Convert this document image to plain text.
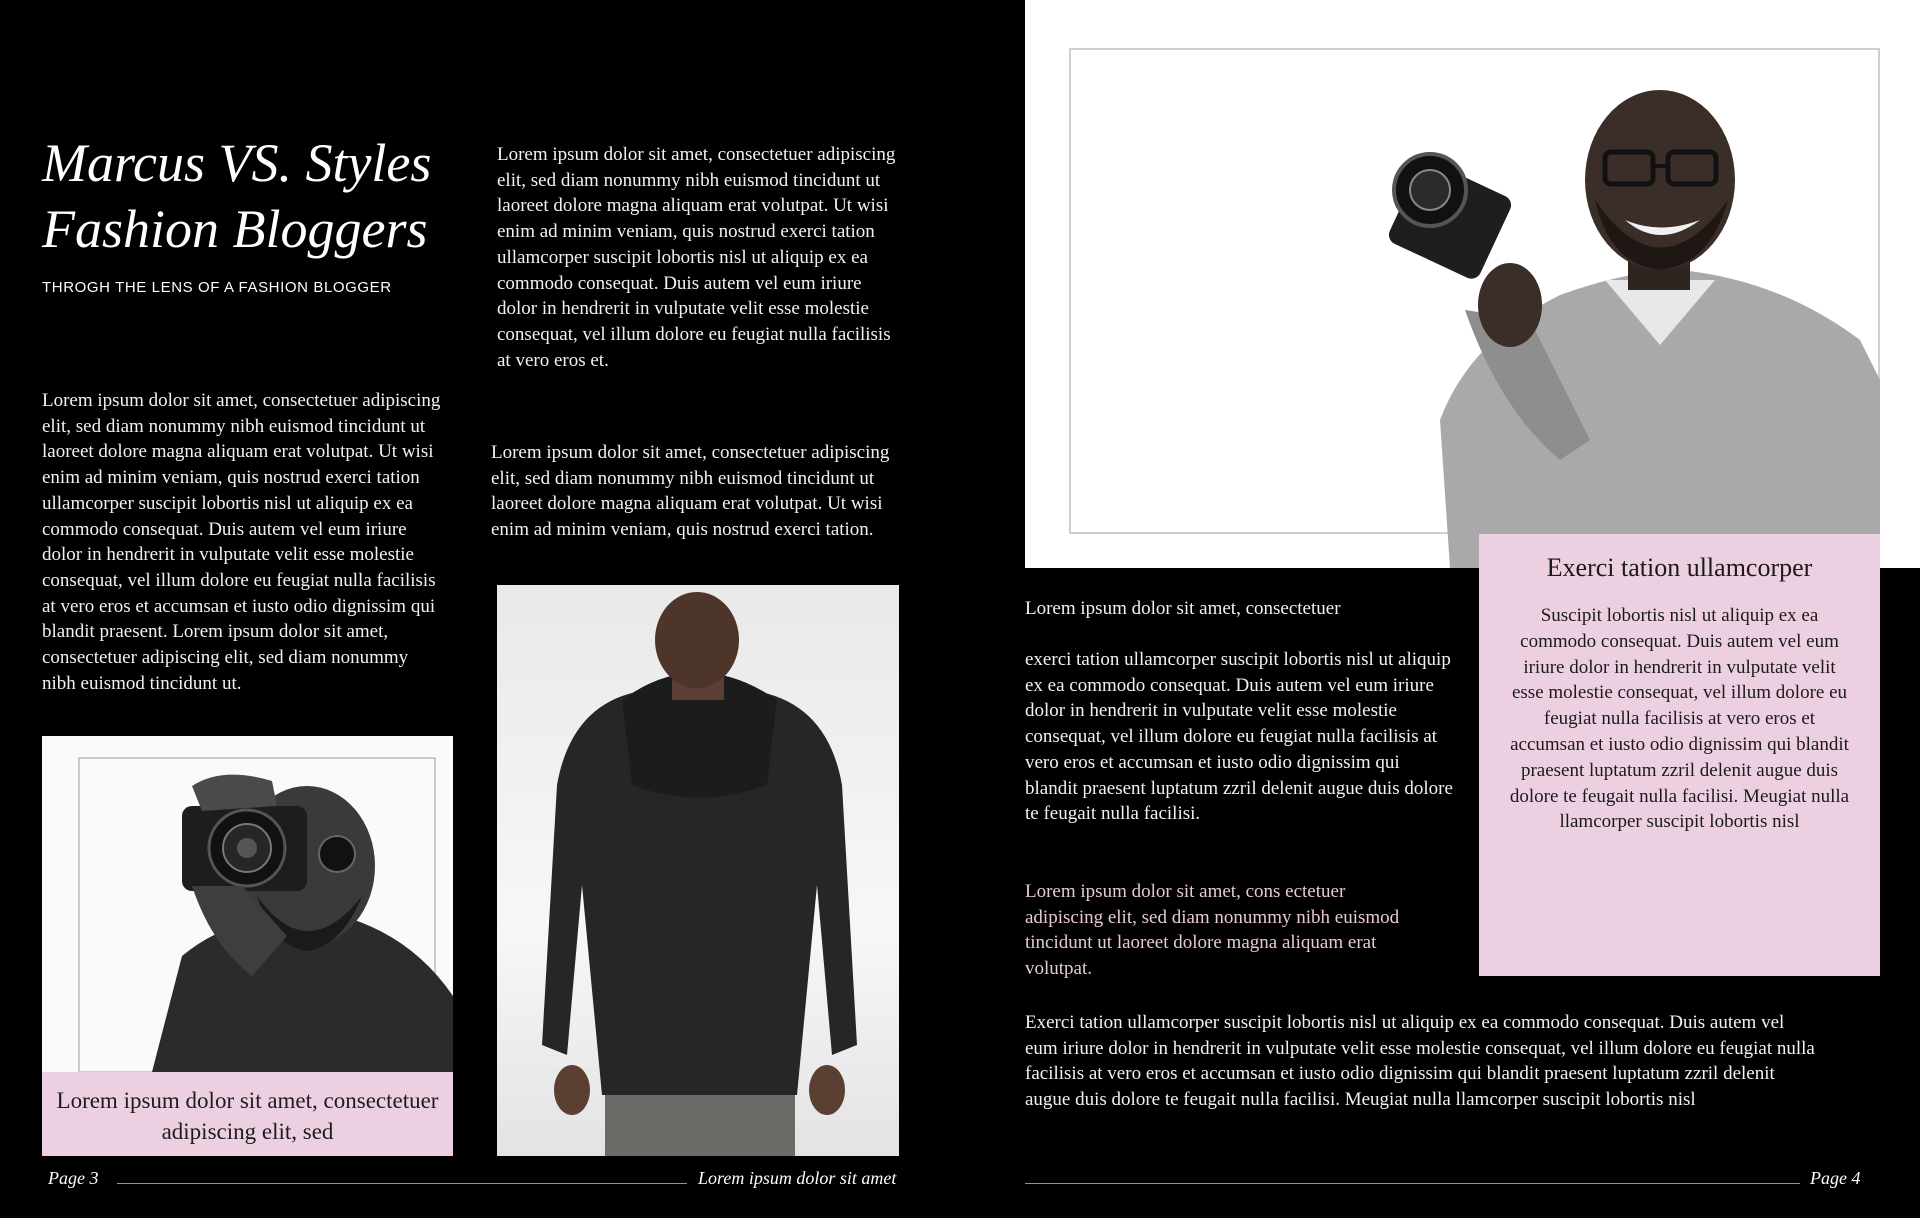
Marcus VS. Styles Fashion Bloggers
THROGH THE LENS OF A FASHION BLOGGER
Lorem ipsum dolor sit amet, consectetuer adipiscing elit, sed diam nonummy nibh euismod tincidunt ut laoreet dolore magna aliquam erat volutpat. Ut wisi enim ad minim veniam, quis nostrud exerci tation ullamcorper suscipit lobortis nisl ut aliquip ex ea commodo consequat. Duis autem vel eum iriure dolor in hendrerit in vulputate velit esse molestie consequat, vel illum dolore eu feugiat nulla facilisis at vero eros et accumsan et iusto odio dignissim qui blandit praesent. Lorem ipsum dolor sit amet, consectetuer adipiscing elit, sed diam nonummy nibh euismod tincidunt ut.
Lorem ipsum dolor sit amet, consectetuer adipiscing elit, sed diam nonummy nibh euismod tincidunt ut laoreet dolore magna aliquam erat volutpat. Ut wisi enim ad minim veniam, quis nostrud exerci tation ullamcorper suscipit lobortis nisl ut aliquip ex ea commodo consequat. Duis autem vel eum iriure dolor in hendrerit in vulputate velit esse molestie consequat, vel illum dolore eu feugiat nulla facilisis at vero eros et.
Lorem ipsum dolor sit amet, consectetuer adipiscing elit, sed diam nonummy nibh euismod tincidunt ut laoreet dolore magna aliquam erat volutpat. Ut wisi enim ad minim veniam, quis nostrud exerci tation.
Lorem ipsum dolor sit amet, consectetuer adipiscing elit, sed
Page 3	Lorem ipsum dolor sit amet
Exerci tation ullamcorper
Suscipit lobortis nisl ut aliquip ex ea commodo consequat. Duis autem vel eum iriure dolor in hendrerit in vulputate velit esse molestie consequat, vel illum dolore eu feugiat nulla facilisis at vero eros et accumsan et iusto odio dignissim qui blandit praesent luptatum zzril delenit augue duis dolore te feugait nulla facilisi. Meugiat nulla llamcorper suscipit lobortis nisl
Lorem ipsum dolor sit amet, consectetuer
exerci tation ullamcorper suscipit lobortis nisl ut aliquip ex ea commodo consequat. Duis autem vel eum iriure dolor in hendrerit in vulputate velit esse molestie consequat, vel illum dolore eu feugiat nulla facilisis at vero eros et accumsan et iusto odio dignissim qui blandit praesent luptatum zzril delenit augue duis dolore te feugait nulla facilisi.
Lorem ipsum dolor sit amet, cons ectetuer adipiscing elit, sed diam nonummy nibh euismod tincidunt ut laoreet dolore magna aliquam erat volutpat.
Exerci tation ullamcorper suscipit lobortis nisl ut aliquip ex ea commodo consequat. Duis autem vel eum iriure dolor in hendrerit in vulputate velit esse molestie consequat, vel illum dolore eu feugiat nulla facilisis at vero eros et accumsan et iusto odio dignissim qui blandit praesent luptatum zzril delenit augue duis dolore te feugait nulla facilisi. Meugiat nulla llamcorper suscipit lobortis nisl
Page 4
